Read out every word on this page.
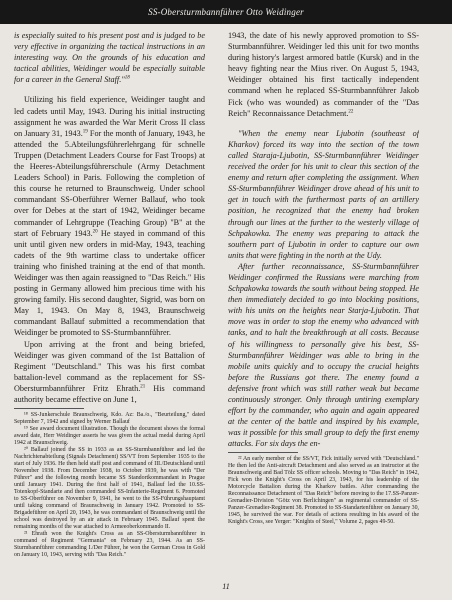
SS-Obersturmbannführer Otto Weidinger

is especially suited to his present post and is judged to be very effective in organizing the tactical instructions in an interesting way. On the grounds of his education and tactical abilities, Weidinger would be especially suitable for a career in the General Staff."$^{18}$

Utilizing his field experience, Weidinger taught and led cadets until May, 1943. During his initial instructing assignment he was awarded the War Merit Cross II class on January 31, 1943.19 For the month of January, 1943, he attended the 5.Abteilungsführerlehrgang für schnelle Truppen (Detachment Leaders Course for Fast Troops) at the Heeres-Abteilungsführerschule (Army Detachment Leaders School) in Paris. Following the completion of this course he returned to Braunschweig. Under school commandant SS-Oberführer Werner Ballauf, who took over for Debes at the start of 1942, Weidinger became commander of Lehrgruppe (Teaching Group) "B" at the start of February 1943.20 He stayed in command of this unit until given new orders in mid-May, 1943, teaching cadets of the 9th wartime class to undertake officer training who finished training at the end of that month. Weidinger was then again reassigned to "Das Reich." His posting in Germany allowed him precious time with his growing family. His second daughter, Sigrid, was born on May 1, 1943. On May 8, 1943, Braunschweig commandant Ballauf submitted a recommendation that Weidinger be promoted to SS-Sturmbannführer.

Upon arriving at the front and being briefed, Weidinger was given command of the 1st Battalion of Regiment "Deutschland." This was his first combat battalion-level command as the replacement for SS-Obersturmbannführer Fritz Ehrath.$^{21}$ His command authority became effective on June 1,

¹⁸ SS-Junkerschule Braunschweig, Kdo. Az: Ba./o., "Beurteilung," dated September 7, 1942 and signed by Werner Ballauf

¹⁹ See award document illustration. Though the document shows the formal award date, Herr Weidinger asserts he was given the actual medal during April 1942 at Braunschweig.

²⁰ Ballauf joined the SS in 1933 as an SS-Sturmbannführer and led the Nachrichtenabteilung (Signals Detachment) SS/VT from September 1935 to the start of July 1936. He then held staff post and command of III./Deutschland until November 1938. From December 1938, to October 1939, he was with "Der Führer" and the following month became SS Standortkommandant in Prague until January 1941. During the first half of 1941, Ballauf led the 10.SS-Totenkopf-Standarte and then commanded SS-Infanterie-Regiment 6. Promoted to SS-Oberführer on November 9, 1941, he went to the SS-Führungshauptamt until taking command of Braunschweig in January 1942. Promoted to SS-Brigadeführer on April 20, 1943, he was commandant of Braunschweig until the school was destroyed by an air attack in February 1945. Ballauf spent the remaining months of the war attached to Armeeoberkommando II.

²¹ Ehrath won the Knight's Cross as an SS-Obersturmbannführer in command of Regiment "Germania" on February 23, 1944. As an SS-Sturmbannführer commanding I./Der Führer, he won the German Cross in Gold on January 10, 1943, serving with "Das Reich."

1943, the date of his newly approved promotion to SS-Sturmbannführer. Weidinger led this unit for two months during history's largest armored battle (Kursk) and in the heavy fighting near the Mius river. On August 5, 1943, Weidinger obtained his first tactically independent command when he replaced SS-Sturmbannführer Jakob Fick (who was wounded) as commander of the "Das Reich" Reconnaissance Detachment.$^{22}$

"When the enemy near Ljubotin (southeast of Kharkov) forced its way into the section of the town called Staraja-Ljubotin, SS-Sturmbannführer Weidinger received the order for his unit to clear this section of the enemy and return after completing the assignment. When SS-Sturmbannführer Weidinger drove ahead of his unit to get in touch with the furthermost parts of an artillery position, he recognized that the enemy had broken through our lines at the further to the westerly village of Schpakowka. The enemy was preparing to attack the southern part of Ljubotin in order to capture our own units that were fighting in the north at the Udy.

After further reconnaissance, SS-Sturmbannführer Weidinger confirmed the Russians were marching from Schpakowka towards the south without being stopped. He then immediately decided to go into blocking positions, with his units on the heights near Starja-Ljubotin. That move was in order to stop the enemy who advanced with tanks, and to halt the breakthrough at all costs. Because of his willingness to personally give his best, SS-Sturmbannführer Weidinger was able to bring in the mobile units quickly and to occupy the crucial heights before the Russians got there. The enemy found a defensive front which was still rather weak but became continuously stronger. Only through untiring exemplary effort by the commander, who again and again appeared at the center of the battle and inspired by his example, was it possible for this small group to defy the first enemy attacks. For six days the en-

²² An early member of the SS/VT, Fick initially served with "Deutschland." He then led the Anti-aircraft Detachment and also served as an instructor at the Braunschweig and Bad Tölz SS officer schools. Moving to "Das Reich" in 1942, Fick won the Knight's Cross on April 23, 1943, for his leadership of the Motorcycle Battalion during the Kharkov battles. After commanding the Reconnaissance Detachment of "Das Reich" before moving to the 17.SS-Panzer-Grenadier-Division "Götz von Berlichingen" as regimental commander of SS-Panzer-Grenadier-Regiment 38. Promoted to SS-Standartenführer on January 30, 1945, he survived the war. For details of actions resulting in his award of the Knight's Cross, see Yerger: "Knights of Steel," Volume 2, pages 49-50.

11
